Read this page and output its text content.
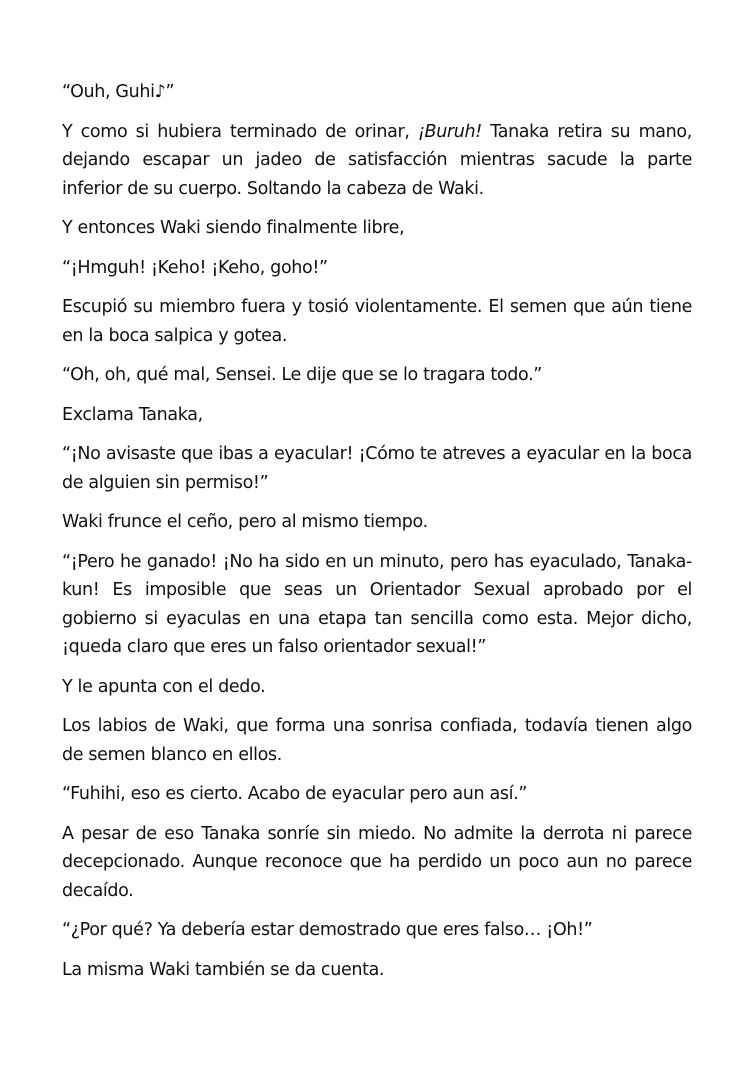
“Ouh, Guhi♪”

Y como si hubiera terminado de orinar, ¡Buruh! Tanaka retira su mano, dejando escapar un jadeo de satisfacción mientras sacude la parte inferior de su cuerpo. Soltando la cabeza de Waki.

Y entonces Waki siendo finalmente libre,

“¡Hmguh! ¡Keho! ¡Keho, goho!”

Escupió su miembro fuera y tosió violentamente. El semen que aún tiene en la boca salpica y gotea.

“Oh, oh, qué mal, Sensei. Le dije que se lo tragara todo.”

Exclama Tanaka,

“¡No avisaste que ibas a eyacular! ¡Cómo te atreves a eyacular en la boca de alguien sin permiso!”

Waki frunce el ceño, pero al mismo tiempo.

“¡Pero he ganado! ¡No ha sido en un minuto, pero has eyaculado, Tanaka-kun! Es imposible que seas un Orientador Sexual aprobado por el gobierno si eyaculas en una etapa tan sencilla como esta. Mejor dicho, ¡queda claro que eres un falso orientador sexual!”

Y le apunta con el dedo.

Los labios de Waki, que forma una sonrisa confiada, todavía tienen algo de semen blanco en ellos.

“Fuhihi, eso es cierto. Acabo de eyacular pero aun así.”

A pesar de eso Tanaka sonríe sin miedo. No admite la derrota ni parece decepcionado. Aunque reconoce que ha perdido un poco aun no parece decaído.

“¿Por qué? Ya debería estar demostrado que eres falso… ¡Oh!”

La misma Waki también se da cuenta.
